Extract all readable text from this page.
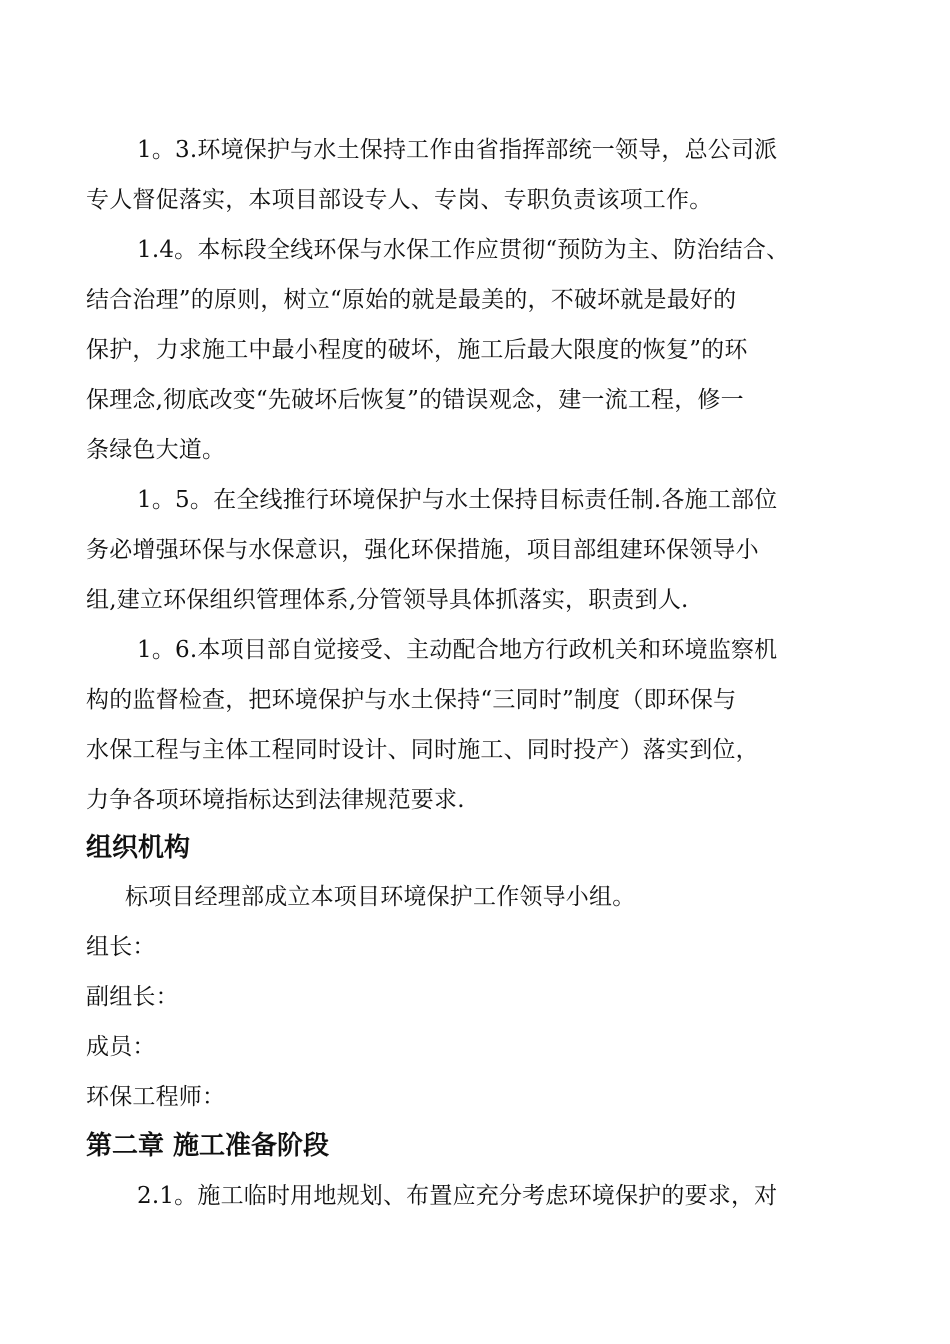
1。3.环境保护与水土保持工作由省指挥部统一领导，总公司派
专人督促落实，本项目部设专人、专岗、专职负责该项工作。
1.4。本标段全线环保与水保工作应贯彻“预防为主、防治结合、
结合治理”的原则，树立“原始的就是最美的，不破坏就是最好的
保护，力求施工中最小程度的破坏，施工后最大限度的恢复”的环
保理念,彻底改变“先破坏后恢复”的错误观念，建一流工程，修一
条绿色大道。
1。5。在全线推行环境保护与水土保持目标责任制.各施工部位
务必增强环保与水保意识，强化环保措施，项目部组建环保领导小
组,建立环保组织管理体系,分管领导具体抓落实，职责到人.
1。6.本项目部自觉接受、主动配合地方行政机关和环境监察机
构的监督检查，把环境保护与水土保持“三同时”制度（即环保与
水保工程与主体工程同时设计、同时施工、同时投产）落实到位，
力争各项环境指标达到法律规范要求.
组织机构
标项目经理部成立本项目环境保护工作领导小组。
组长：
副组长：
成员：
环保工程师：
第二章 施工准备阶段
2.1。施工临时用地规划、布置应充分考虑环境保护的要求，对
